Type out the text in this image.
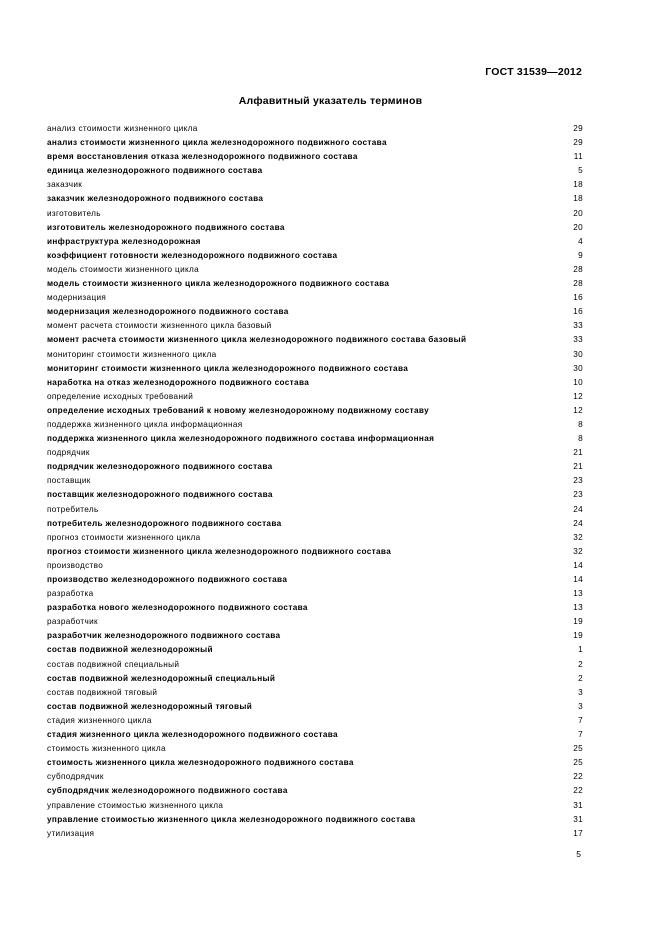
ГОСТ 31539—2012
Алфавитный указатель терминов
анализ стоимости жизненного цикла	29
анализ стоимости жизненного цикла железнодорожного подвижного состава	29
время восстановления отказа железнодорожного подвижного состава	11
единица железнодорожного подвижного состава	5
заказчик	18
заказчик железнодорожного подвижного состава	18
изготовитель	20
изготовитель железнодорожного подвижного состава	20
инфраструктура железнодорожная	4
коэффициент готовности железнодорожного подвижного состава	9
модель стоимости жизненного цикла	28
модель стоимости жизненного цикла железнодорожного подвижного состава	28
модернизация	16
модернизация железнодорожного подвижного состава	16
момент расчета стоимости жизненного цикла базовый	33
момент расчета стоимости жизненного цикла железнодорожного подвижного состава базовый	33
мониторинг стоимости жизненного цикла	30
мониторинг стоимости жизненного цикла железнодорожного подвижного состава	30
наработка на отказ железнодорожного подвижного состава	10
определение исходных требований	12
определение исходных требований к новому железнодорожному подвижному составу	12
поддержка жизненного цикла информационная	8
поддержка жизненного цикла железнодорожного подвижного состава информационная	8
подрядчик	21
подрядчик железнодорожного подвижного состава	21
поставщик	23
поставщик железнодорожного подвижного состава	23
потребитель	24
потребитель железнодорожного подвижного состава	24
прогноз стоимости жизненного цикла	32
прогноз стоимости жизненного цикла железнодорожного подвижного состава	32
производство	14
производство железнодорожного подвижного состава	14
разработка	13
разработка нового железнодорожного подвижного состава	13
разработчик	19
разработчик железнодорожного подвижного состава	19
состав подвижной железнодорожный	1
состав подвижной специальный	2
состав подвижной железнодорожный специальный	2
состав подвижной тяговый	3
состав подвижной железнодорожный тяговый	3
стадия жизненного цикла	7
стадия жизненного цикла железнодорожного подвижного состава	7
стоимость жизненного цикла	25
стоимость жизненного цикла железнодорожного подвижного состава	25
субподрядчик	22
субподрядчик железнодорожного подвижного состава	22
управление стоимостью жизненного цикла	31
управление стоимостью жизненного цикла железнодорожного подвижного состава	31
утилизация	17
5
